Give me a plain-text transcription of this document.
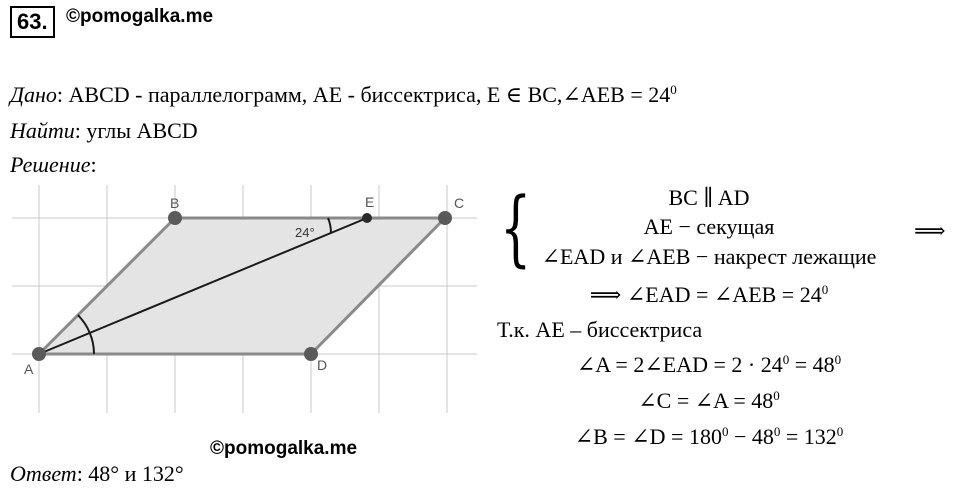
63. ©pomogalka.me
Дано: ABCD - параллелограмм, AE - биссектриса, E ∈ BC,∠AEB = $24^0$
Найти: углы ABCD
Решение:
24°
A
B	E	C
D
{	BC ∥ AD
AE − секущая
∠EAD и ∠AEB − накрест лежащие
⟹
⟹ ∠EAD = ∠AEB = $24^0$
Т.к. AE – биссектриса
∠A = 2∠EAD = $2 \cdot 24^0 = 48^0$
∠C = ∠A = $48^0$
∠B = ∠D = $180^0 - 48^0 = 132^0$
©pomogalka.me
Ответ: 48° и 132°
